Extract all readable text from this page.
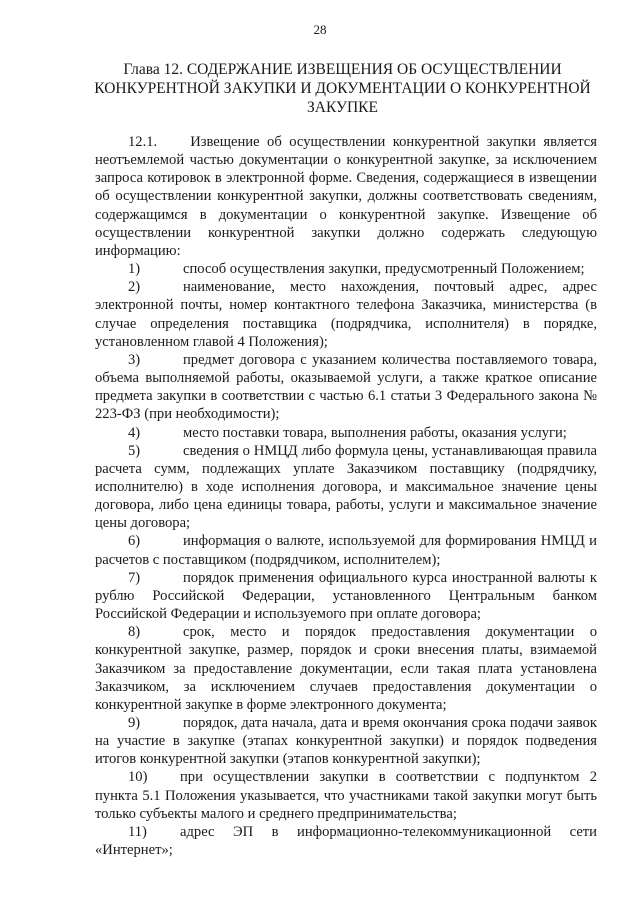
28
Глава 12. СОДЕРЖАНИЕ ИЗВЕЩЕНИЯ ОБ ОСУЩЕСТВЛЕНИИ КОНКУРЕНТНОЙ ЗАКУПКИ И ДОКУМЕНТАЦИИ О КОНКУРЕНТНОЙ ЗАКУПКЕ

12.1. Извещение об осуществлении конкурентной закупки является неотъемлемой частью документации о конкурентной закупке, за исключением запроса котировок в электронной форме. Сведения, содержащиеся в извещении об осуществлении конкурентной закупки, должны соответствовать сведениям, содержащимся в документации о конкурентной закупке. Извещение об осуществлении конкурентной закупки должно содержать следующую информацию:

1)	способ осуществления закупки, предусмотренный Положением;

2)	наименование, место нахождения, почтовый адрес, адрес электронной почты, номер контактного телефона Заказчика, министерства (в случае определения поставщика (подрядчика, исполнителя) в порядке, установленном главой 4 Положения);

3)	предмет договора с указанием количества поставляемого товара, объема выполняемой работы, оказываемой услуги, а также краткое описание предмета закупки в соответствии с частью 6.1 статьи 3 Федерального закона № 223-ФЗ (при необходимости);

4)	место поставки товара, выполнения работы, оказания услуги;

5)	сведения о НМЦД либо формула цены, устанавливающая правила расчета сумм, подлежащих уплате Заказчиком поставщику (подрядчику, исполнителю) в ходе исполнения договора, и максимальное значение цены договора, либо цена единицы товара, работы, услуги и максимальное значение цены договора;

6)	информация о валюте, используемой для формирования НМЦД и расчетов с поставщиком (подрядчиком, исполнителем);

7)	порядок применения официального курса иностранной валюты к рублю Российской Федерации, установленного Центральным банком Российской Федерации и используемого при оплате договора;

8)	срок, место и порядок предоставления документации о конкурентной закупке, размер, порядок и сроки внесения платы, взимаемой Заказчиком за предоставление документации, если такая плата установлена Заказчиком, за исключением случаев предоставления документации о конкурентной закупке в форме электронного документа;

9)	порядок, дата начала, дата и время окончания срока подачи заявок на участие в закупке (этапах конкурентной закупки) и порядок подведения итогов конкурентной закупки (этапов конкурентной закупки);

10) при осуществлении закупки в соответствии с подпунктом 2 пункта 5.1 Положения указывается, что участниками такой закупки могут быть только субъекты малого и среднего предпринимательства;

11) адрес ЭП в информационно-телекоммуникационной сети «Интернет»;
